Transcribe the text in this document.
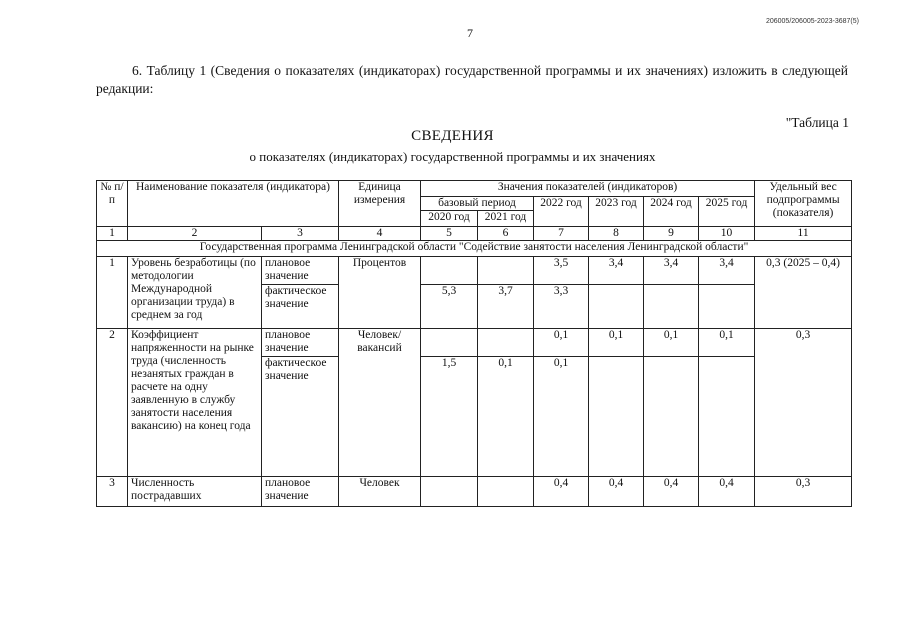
206005/206005-2023-3687(5)
7
6. Таблицу 1 (Сведения о показателях (индикаторах) государственной программы и их значениях) изложить в следующей редакции:
"Таблица 1
СВЕДЕНИЯ
о показателях (индикаторах) государственной программы и их значениях
№ п/п	Наименование показателя (индикатора)		Единица измерения	Значения показателей (индикаторов)						Удельный вес подпрограммы (показателя)
				базовый период		2022 год	2023 год	2024 год	2025 год	
				2020 год	2021 год					
1	2	3	4	5	6	7	8	9	10	11
Государственная программа Ленинградской области "Содействие занятости населения Ленинградской области"										
1	Уровень безработицы (по методологии Международной организации труда) в среднем за год	плановое значение	Процентов			3,5	3,4	3,4	3,4	0,3 (2025 – 0,4)
		фактическое значение		5,3	3,7	3,3				
2	Коэффициент напряженности на рынке труда (численность незанятых граждан в расчете на одну заявленную в службу занятости населения вакансию) на конец года	плановое значение	Человек/ вакансий			0,1	0,1	0,1	0,1	0,3
		фактическое значение		1,5	0,1	0,1				
3	Численность пострадавших	плановое значение	Человек			0,4	0,4	0,4	0,4	0,3
